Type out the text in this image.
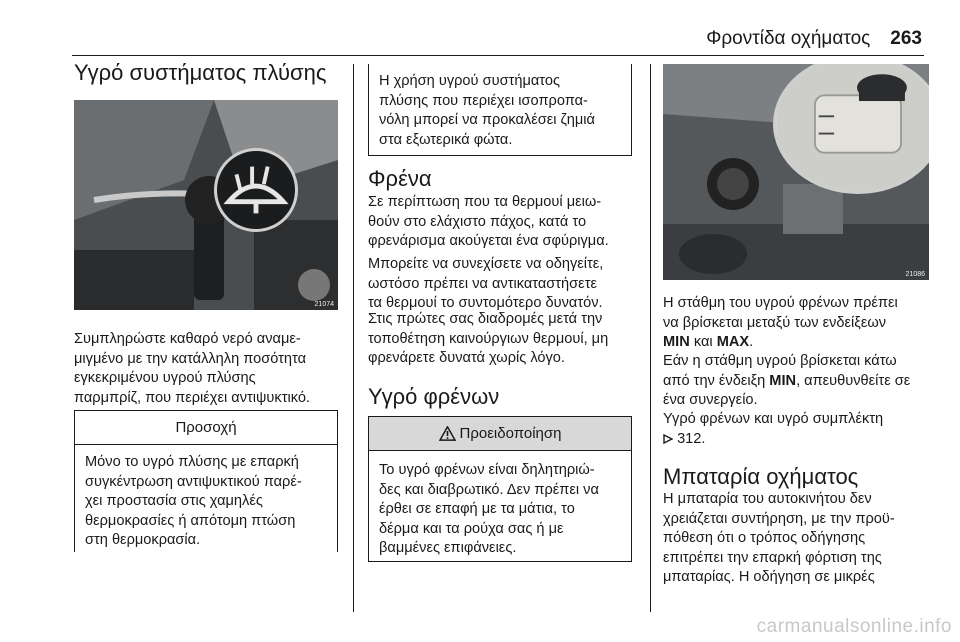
Φροντίδα οχήματος 263
Υγρό συστήματος πλύσης
21074
Συμπληρώστε καθαρό νερό αναμε-
μιγμένο με την κατάλληλη ποσότητα
εγκεκριμένου υγρού πλύσης
παρμπρίζ, που περιέχει αντιψυκτικό.
Προσοχή
Μόνο το υγρό πλύσης με επαρκή
συγκέντρωση αντιψυκτικού παρέ-
χει προστασία στις χαμηλές
θερμοκρασίες ή απότομη πτώση
στη θερμοκρασία.
Η χρήση υγρού συστήματος
πλύσης που περιέχει ισοπροπα-
νόλη μπορεί να προκαλέσει ζημιά
στα εξωτερικά φώτα.
Φρένα
Σε περίπτωση που τα θερμουί μειω-
θούν στο ελάχιστο πάχος, κατά το
φρενάρισμα ακούγεται ένα σφύριγμα.
Μπορείτε να συνεχίσετε να οδηγείτε,
ωστόσο πρέπει να αντικαταστήσετε
τα θερμουί το συντομότερο δυνατόν.
Στις πρώτες σας διαδρομές μετά την
τοποθέτηση καινούργιων θερμουί, μη
φρενάρετε δυνατά χωρίς λόγο.
Υγρό φρένων
Προειδοποίηση
Το υγρό φρένων είναι δηλητηριώ-
δες και διαβρωτικό. Δεν πρέπει να
έρθει σε επαφή με τα μάτια, το
δέρμα και τα ρούχα σας ή με
βαμμένες επιφάνειες.
21086
Η στάθμη του υγρού φρένων πρέπει
να βρίσκεται μεταξύ των ενδείξεων
MIN και MAX.
Εάν η στάθμη υγρού βρίσκεται κάτω
από την ένδειξη MIN, απευθυνθείτε σε
ένα συνεργείο.
Υγρό φρένων και υγρό συμπλέκτη
312.
Μπαταρία οχήματος
Η μπαταρία του αυτοκινήτου δεν
χρειάζεται συντήρηση, με την προϋ-
πόθεση ότι ο τρόπος οδήγησης
επιτρέπει την επαρκή φόρτιση της
μπαταρίας. Η οδήγηση σε μικρές
carmanualsonline.info
